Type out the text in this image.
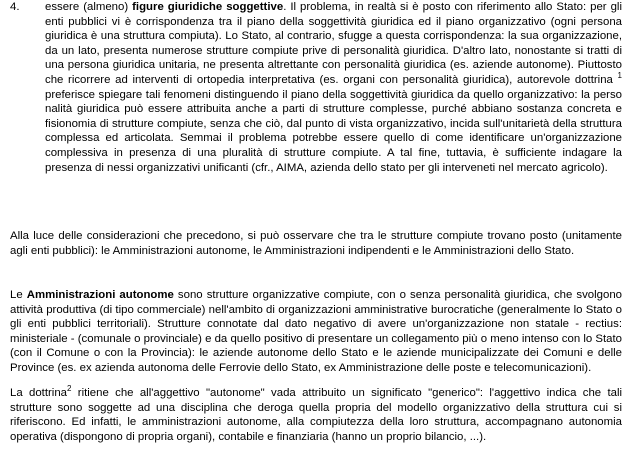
4. essere (almeno) figure giuridiche soggettive. Il problema, in realtà si è posto con riferimento allo Stato: per gli enti pubblici vi è corrispondenza tra il piano della soggettività giuridica ed il piano organizzativo (ogni persona giuridica è una struttura compiuta). Lo Stato, al contrario, sfugge a questa corrispondenza: la sua organizzazione, da un lato, presenta numerose strutture compiute prive di personalità giuridica. D'altro lato, nonostante si tratti di una persona giuridica unitaria, ne presenta altrettante con personalità giuridica (es. aziende autonome). Piuttosto che ricorrere ad interventi di ortopedia interpretativa (es. organi con personalità giuridica), autorevole dottrina $^1$ preferisce spiegare tali fenomeni distinguendo il piano della soggettività giuridica da quello organizzativo: la perso nalità giuridica può essere attribuita anche a parti di strutture complesse, purché abbiano sostanza concreta e fisionomia di strutture compiute, senza che ciò, dal punto di vista organizzativo, incida sull'unitarietà della struttura complessa ed articolata. Semmai il problema potrebbe essere quello di come identificare un'organizzazione complessiva in presenza di una pluralità di strutture compiute. A tal fine, tuttavia, è sufficiente indagare la presenza di nessi organizzativi unificanti (cfr., AIMA, azienda dello stato per gli interveneti nel mercato agricolo).
Alla luce delle considerazioni che precedono, si può osservare che tra le strutture compiute trovano posto (unitamente agli enti pubblici): le Amministrazioni autonome, le Amministrazioni indipendenti e le Amministrazioni dello Stato.
Le Amministrazioni autonome sono strutture organizzative compiute, con o senza personalità giuridica, che svolgono attività produttiva (di tipo commerciale) nell'ambito di organizzazioni amministrative burocratiche (generalmente lo Stato o gli enti pubblici territoriali). Strutture connotate dal dato negativo di avere un'organizzazione non statale - rectius: ministeriale - (comunale o provinciale) e da quello positivo di presentare un collegamento più o meno intenso con lo Stato (con il Comune o con la Provincia): le aziende autonome dello Stato e le aziende municipalizzate dei Comuni e delle Province (es. ex azienda autonoma delle Ferrovie dello Stato, ex Amministrazione delle poste e telecomunicazioni).
La dottrina$^2$ ritiene che all'aggettivo "autonome" vada attribuito un significato "generico": l'aggettivo indica che tali strutture sono soggette ad una disciplina che deroga quella propria del modello organizzativo della struttura cui si riferiscono. Ed infatti, le amministrazioni autonome, alla compiutezza della loro struttura, accompagnano autonomia operativa (dispongono di propria organi), contabile e finanziaria (hanno un proprio bilancio, ...).
